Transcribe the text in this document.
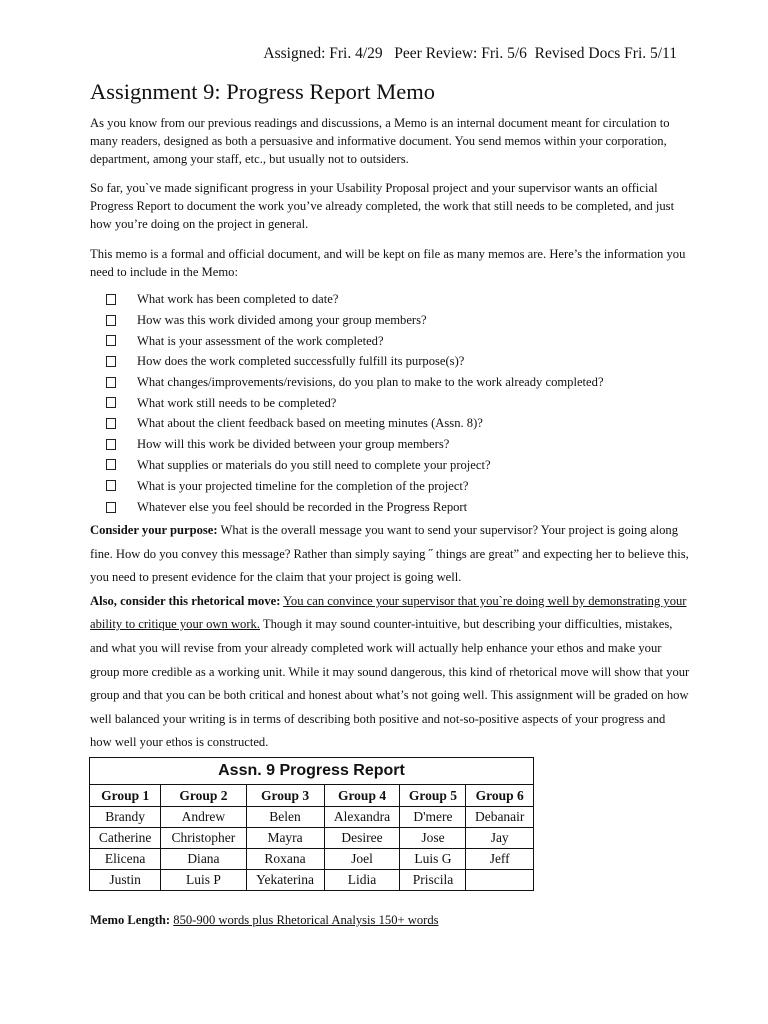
Assigned: Fri. 4/29   Peer Review: Fri. 5/6  Revised Docs Fri. 5/11
Assignment 9: Progress Report Memo

As you know from our previous readings and discussions, a Memo is an internal document meant for circulation to many readers, designed as both a persuasive and informative document. You send memos within your corporation, department, among your staff, etc., but usually not to outsiders.

So far, youˋve made significant progress in your Usability Proposal project and your supervisor wants an official Progress Report to document the work you’ve already completed, the work that still needs to be completed, and just how you’re doing on the project in general.

This memo is a formal and official document, and will be kept on file as many memos are. Here’s the information you need to include in the Memo:

What work has been completed to date?
How was this work divided among your group members?
What is your assessment of the work completed?
How does the work completed successfully fulfill its purpose(s)?
What changes/improvements/revisions, do you plan to make to the work already completed?
What work still needs to be completed?
What about the client feedback based on meeting minutes (Assn. 8)?
How will this work be divided between your group members?
What supplies or materials do you still need to complete your project?
What is your projected timeline for the completion of the project?
Whatever else you feel should be recorded in the Progress Report
Consider your purpose: What is the overall message you want to send your supervisor? Your project is going along fine. How do you convey this message? Rather than simply saying ˝ things are great” and expecting her to believe this, you need to present evidence for the claim that your project is going well.
Also, consider this rhetorical move: You can convince your supervisor that youˋre doing well by demonstrating your ability to critique your own work. Though it may sound counter-intuitive, but describing your difficulties, mistakes, and what you will revise from your already completed work will actually help enhance your ethos and make your group more credible as a working unit. While it may sound dangerous, this kind of rhetorical move will show that your group and that you can be both critical and honest about what’s not going well. This assignment will be graded on how well balanced your writing is in terms of describing both positive and not-so-positive aspects of your progress and how well your ethos is constructed.
Assn. 9 Progress Report					
Group 1	Group 2	Group 3	Group 4	Group 5	Group 6
Brandy	Andrew	Belen	Alexandra	D'mere	Debanair
Catherine	Christopher	Mayra	Desiree	Jose	Jay
Elicena	Diana	Roxana	Joel	Luis G	Jeff
Justin	Luis P	Yekaterina	Lidia	Priscila	
Memo Length: 850-900 words plus Rhetorical Analysis 150+ words
